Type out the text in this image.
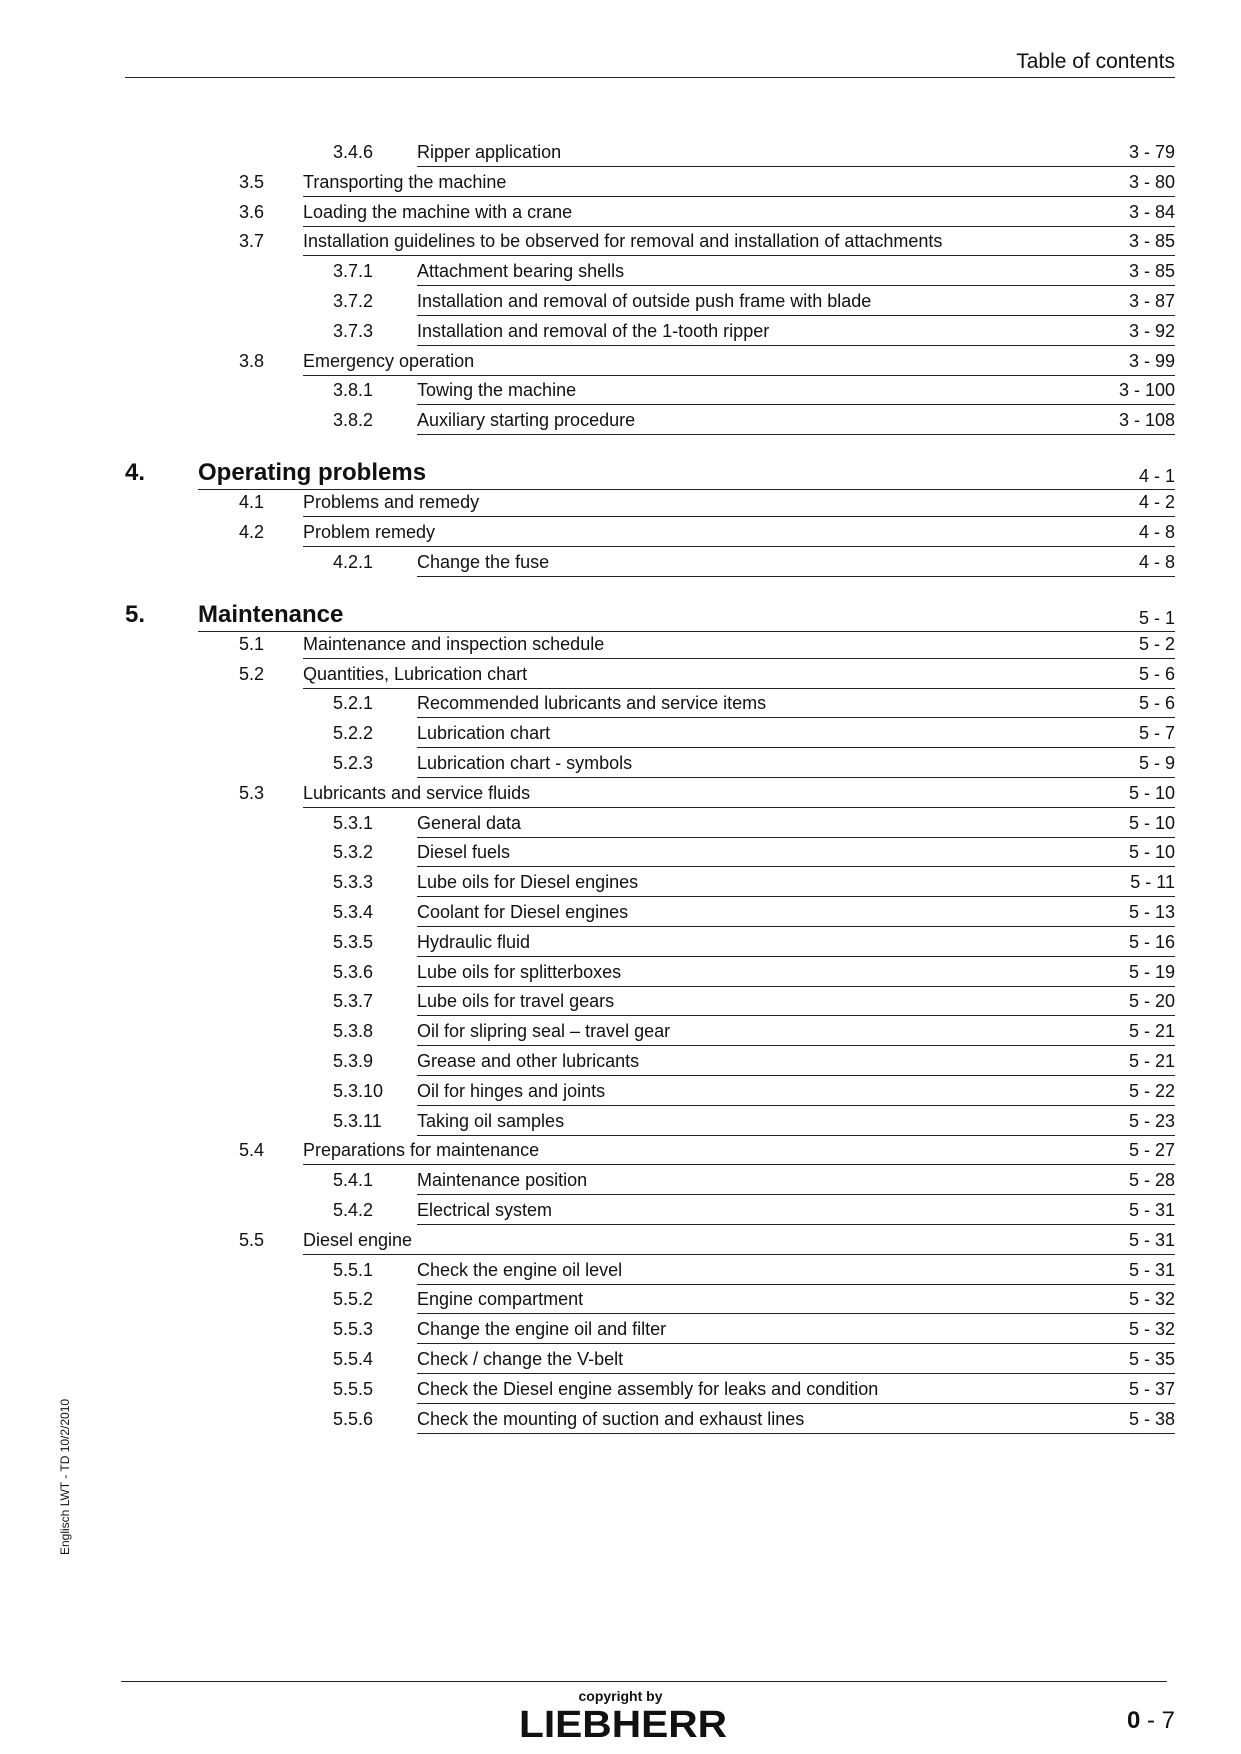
Table of contents
3.4.6 Ripper application	3 - 79
3.5 Transporting the machine	3 - 80
3.6 Loading the machine with a crane	3 - 84
3.7 Installation guidelines to be observed for removal and installation of attachments	3 - 85
3.7.1 Attachment bearing shells	3 - 85
3.7.2 Installation and removal of outside push frame with blade	3 - 87
3.7.3 Installation and removal of the 1-tooth ripper	3 - 92
3.8 Emergency operation	3 - 99
3.8.1 Towing the machine	3 - 100
3.8.2 Auxiliary starting procedure	3 - 108
4. Operating problems	4 - 1
4.1 Problems and remedy	4 - 2
4.2 Problem remedy	4 - 8
4.2.1 Change the fuse	4 - 8
5. Maintenance	5 - 1
5.1 Maintenance and inspection schedule	5 - 2
5.2 Quantities, Lubrication chart	5 - 6
5.2.1 Recommended lubricants and service items	5 - 6
5.2.2 Lubrication chart	5 - 7
5.2.3 Lubrication chart - symbols	5 - 9
5.3 Lubricants and service fluids	5 - 10
5.3.1 General data	5 - 10
5.3.2 Diesel fuels	5 - 10
5.3.3 Lube oils for Diesel engines	5 - 11
5.3.4 Coolant for Diesel engines	5 - 13
5.3.5 Hydraulic fluid	5 - 16
5.3.6 Lube oils for splitterboxes	5 - 19
5.3.7 Lube oils for travel gears	5 - 20
5.3.8 Oil for slipring seal – travel gear	5 - 21
5.3.9 Grease and other lubricants	5 - 21
5.3.10 Oil for hinges and joints	5 - 22
5.3.11 Taking oil samples	5 - 23
5.4 Preparations for maintenance	5 - 27
5.4.1 Maintenance position	5 - 28
5.4.2 Electrical system	5 - 31
5.5 Diesel engine	5 - 31
5.5.1 Check the engine oil level	5 - 31
5.5.2 Engine compartment	5 - 32
5.5.3 Change the engine oil and filter	5 - 32
5.5.4 Check / change the V-belt	5 - 35
5.5.5 Check the Diesel engine assembly for leaks and condition	5 - 37
5.5.6 Check the mounting of suction and exhaust lines	5 - 38
Englisch LWT - TD 10/2/2010
copyright by
LIEBHERR	0 - 7
